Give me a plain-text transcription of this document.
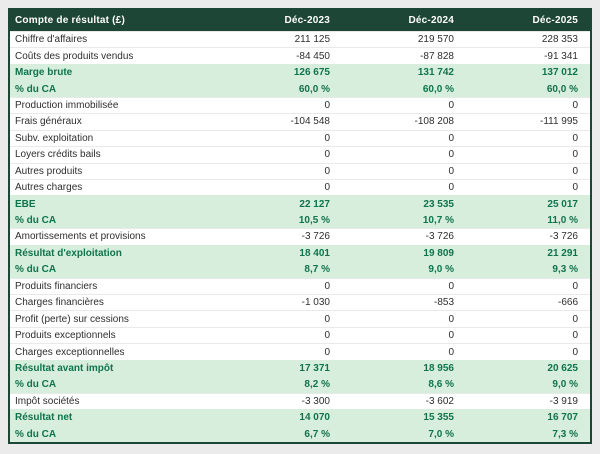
Compte de résultat (£)	Déc-2023	Déc-2024	Déc-2025
Chiffre d'affaires	211 125	219 570	228 353
Coûts des produits vendus	-84 450	-87 828	-91 341
Marge brute	126 675	131 742	137 012
% du CA	60,0 %	60,0 %	60,0 %
Production immobilisée	0	0	0
Frais généraux	-104 548	-108 208	-111 995
Subv. exploitation	0	0	0
Loyers crédits bails	0	0	0
Autres produits	0	0	0
Autres charges	0	0	0
EBE	22 127	23 535	25 017
% du CA	10,5 %	10,7 %	11,0 %
Amortissements et provisions	-3 726	-3 726	-3 726
Résultat d'exploitation	18 401	19 809	21 291
% du CA	8,7 %	9,0 %	9,3 %
Produits financiers	0	0	0
Charges financières	-1 030	-853	-666
Profit (perte) sur cessions	0	0	0
Produits exceptionnels	0	0	0
Charges exceptionnelles	0	0	0
Résultat avant impôt	17 371	18 956	20 625
% du CA	8,2 %	8,6 %	9,0 %
Impôt sociétés	-3 300	-3 602	-3 919
Résultat net	14 070	15 355	16 707
% du CA	6,7 %	7,0 %	7,3 %
